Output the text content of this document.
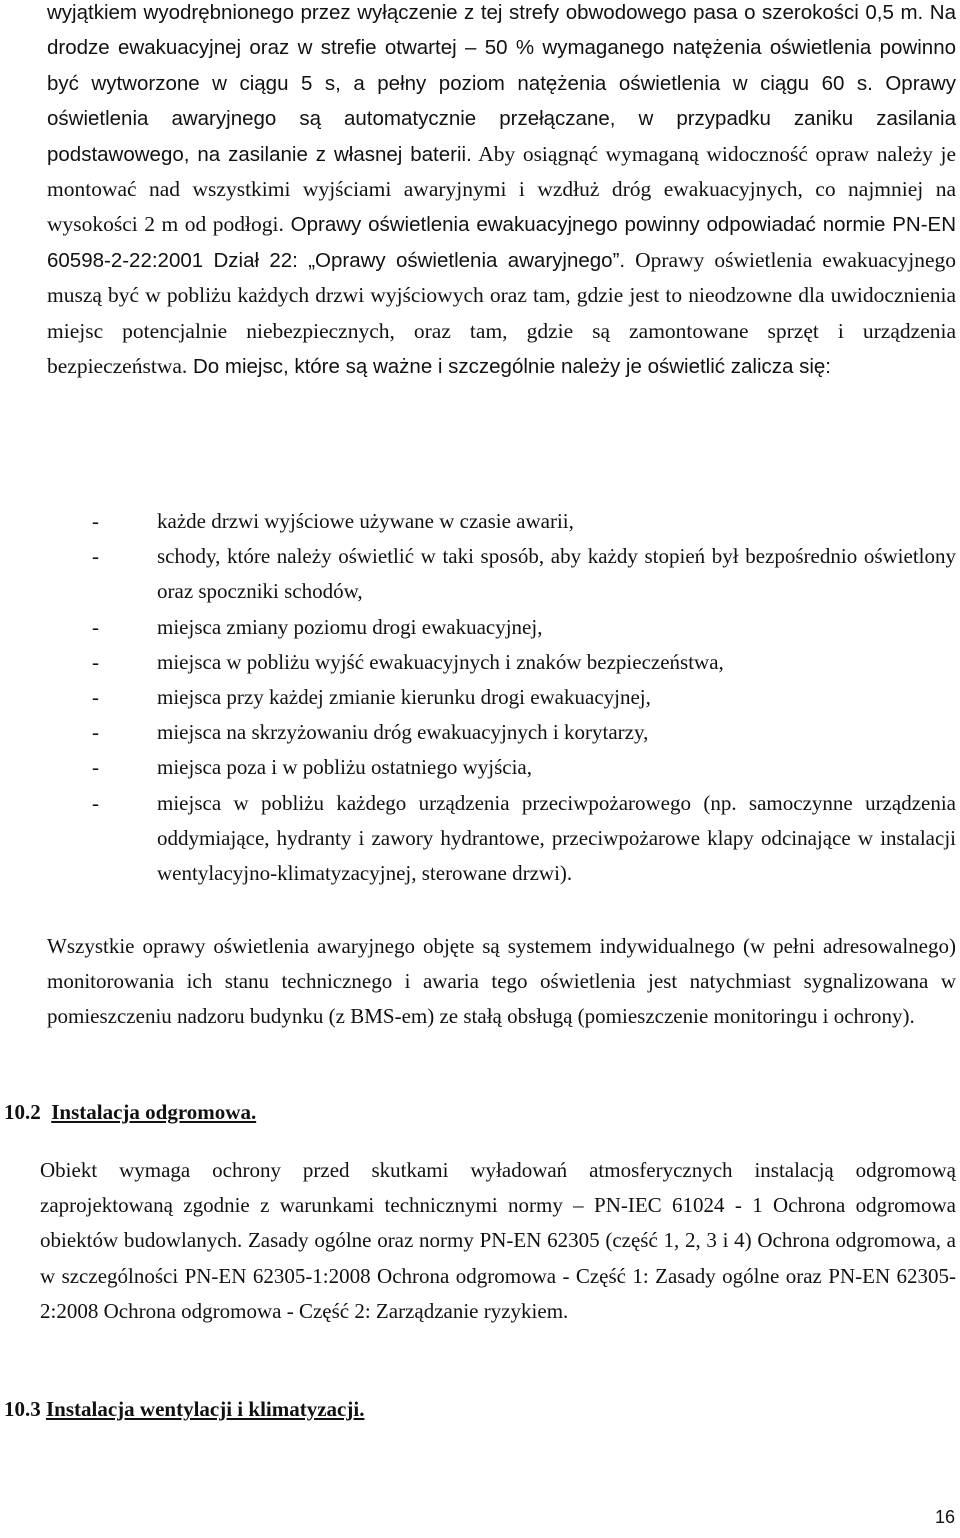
wyjątkiem wyodrębnionego przez wyłączenie z tej strefy obwodowego pasa o szerokości 0,5 m. Na drodze ewakuacyjnej oraz w strefie otwartej – 50 % wymaganego natężenia oświetlenia powinno być wytworzone w ciągu 5 s, a pełny poziom natężenia oświetlenia w ciągu 60 s. Oprawy oświetlenia awaryjnego są automatycznie przełączane, w przypadku zaniku zasilania podstawowego, na zasilanie z własnej baterii. Aby osiągnąć wymaganą widoczność opraw należy je montować nad wszystkimi wyjściami awaryjnymi i wzdłuż dróg ewakuacyjnych, co najmniej na wysokości 2 m od podłogi. Oprawy oświetlenia ewakuacyjnego powinny odpowiadać normie PN-EN 60598-2-22:2001 Dział 22: „Oprawy oświetlenia awaryjnego”. Oprawy oświetlenia ewakuacyjnego muszą być w pobliżu każdych drzwi wyjściowych oraz tam, gdzie jest to nieodzowne dla uwidocznienia miejsc potencjalnie niebezpiecznych, oraz tam, gdzie są zamontowane sprzęt i urządzenia bezpieczeństwa. Do miejsc, które są ważne i szczególnie należy je oświetlić zalicza się:

-	każde drzwi wyjściowe używane w czasie awarii,
-	schody, które należy oświetlić w taki sposób, aby każdy stopień był bezpośrednio oświetlony oraz spoczniki schodów,
-	miejsca zmiany poziomu drogi ewakuacyjnej,
-	miejsca w pobliżu wyjść ewakuacyjnych i znaków bezpieczeństwa,
-	miejsca przy każdej zmianie kierunku drogi ewakuacyjnej,
-	miejsca na skrzyżowaniu dróg ewakuacyjnych i korytarzy,
-	miejsca poza i w pobliżu ostatniego wyjścia,
-	miejsca w pobliżu każdego urządzenia przeciwpożarowego (np. samoczynne urządzenia oddymiające, hydranty i zawory hydrantowe, przeciwpożarowe klapy odcinające w instalacji wentylacyjno-klimatyzacyjnej, sterowane drzwi).

Wszystkie oprawy oświetlenia awaryjnego objęte są systemem indywidualnego (w pełni adresowalnego) monitorowania ich stanu technicznego i awaria tego oświetlenia jest natychmiast sygnalizowana w pomieszczeniu nadzoru budynku (z BMS-em) ze stałą obsługą (pomieszczenie monitoringu i ochrony).

10.2 Instalacja odgromowa.

Obiekt wymaga ochrony przed skutkami wyładowań atmosferycznych instalacją odgromową zaprojektowaną zgodnie z warunkami technicznymi normy – PN-IEC 61024 - 1 Ochrona odgromowa obiektów budowlanych. Zasady ogólne oraz normy PN-EN 62305 (część 1, 2, 3 i 4) Ochrona odgromowa, a w szczególności PN-EN 62305-1:2008 Ochrona odgromowa - Część 1: Zasady ogólne oraz PN-EN 62305-2:2008 Ochrona odgromowa - Część 2: Zarządzanie ryzykiem.

10.3 Instalacja wentylacji i klimatyzacji.
16
